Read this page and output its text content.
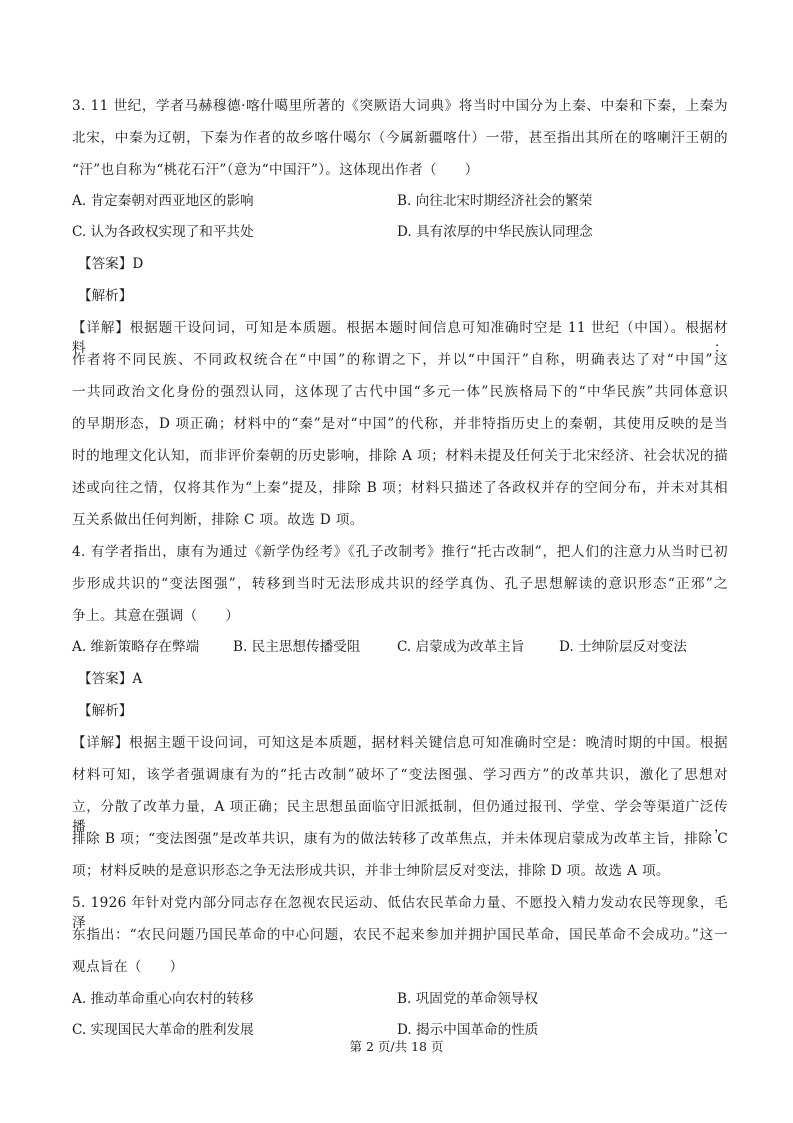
3. 11 世纪，学者马赫穆德·喀什噶里所著的《突厥语大词典》将当时中国分为上秦、中秦和下秦，上秦为
北宋，中秦为辽朝，下秦为作者的故乡喀什噶尔（今属新疆喀什）一带，甚至指出其所在的喀喇汗王朝的
“汗”也自称为“桃花石汗”（意为“中国汗”）。这体现出作者（　　）
A. 肯定秦朝对西亚地区的影响	B. 向往北宋时期经济社会的繁荣
C. 认为各政权实现了和平共处	D. 具有浓厚的中华民族认同理念
【答案】D
【解析】
【详解】根据题干设问词，可知是本质题。根据本题时间信息可知准确时空是 11 世纪（中国）。根据材料：
作者将不同民族、不同政权统合在“中国”的称谓之下，并以“中国汗”自称，明确表达了对“中国”这
一共同政治文化身份的强烈认同，这体现了古代中国“多元一体”民族格局下的“中华民族”共同体意识
的早期形态，D 项正确；材料中的“秦”是对“中国”的代称，并非特指历史上的秦朝，其使用反映的是当
时的地理文化认知，而非评价秦朝的历史影响，排除 A 项；材料未提及任何关于北宋经济、社会状况的描
述或向往之情，仅将其作为“上秦”提及，排除 B 项；材料只描述了各政权并存的空间分布，并未对其相
互关系做出任何判断，排除 C 项。故选 D 项。
4. 有学者指出，康有为通过《新学伪经考》《孔子改制考》推行“托古改制”，把人们的注意力从当时已初
步形成共识的“变法图强”，转移到当时无法形成共识的经学真伪、孔子思想解读的意识形态“正邪”之
争上。其意在强调（　　）
A. 维新策略存在弊端 B. 民主思想传播受阻	C. 启蒙成为改革主旨	D. 士绅阶层反对变法
【答案】A
【解析】
【详解】根据主题干设问词，可知这是本质题，据材料关键信息可知准确时空是：晚清时期的中国。根据
材料可知，该学者强调康有为的“托古改制”破坏了“变法图强、学习西方”的改革共识，激化了思想对
立，分散了改革力量，A 项正确；民主思想虽面临守旧派抵制，但仍通过报刊、学堂、学会等渠道广泛传播，
排除 B 项；“变法图强”是改革共识，康有为的做法转移了改革焦点，并未体现启蒙成为改革主旨，排除 C
项；材料反映的是意识形态之争无法形成共识，并非士绅阶层反对变法，排除 D 项。故选 A 项。
5. 1926 年针对党内部分同志存在忽视农民运动、低估农民革命力量、不愿投入精力发动农民等现象，毛泽
东指出：“农民问题乃国民革命的中心问题，农民不起来参加并拥护国民革命，国民革命不会成功。”这一
观点旨在（　　）
A. 推动革命重心向农村的转移	B. 巩固党的革命领导权
C. 实现国民大革命的胜利发展	D. 揭示中国革命的性质
第 2 页/共 18 页
